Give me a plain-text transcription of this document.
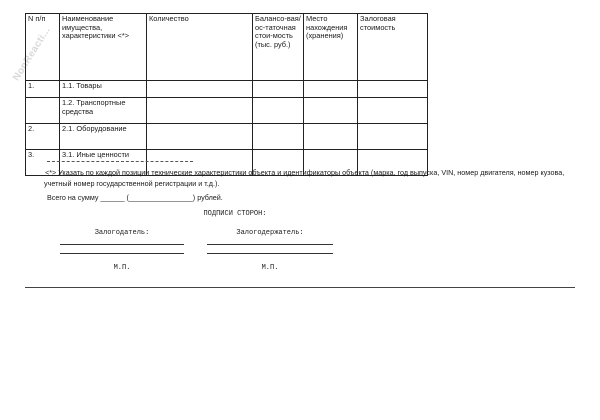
NonReacti...
N п/п	Наименование имущества, характеристики <*>	Количество	Балансо-вая/ос-таточная стои-мость (тыс. руб.)	Место нахождения (хранения)	Залоговая стоимость
1.	1.1. Товары				
	1.2. Транспортные средства				
2.	2.1. Оборудование				
3.	3.1. Иные ценности				
<*> Указать по каждой позиции технические характеристики объекта и идентификаторы объекта (марка, год выпуска, VIN, номер двигателя, номер кузова, учетный номер государственной регистрации и т.д.).
Всего на сумму ______ (________________) рублей.
ПОДПИСИ СТОРОН:
Залогодатель:	Залогодержатель:
М.П.	М.П.
